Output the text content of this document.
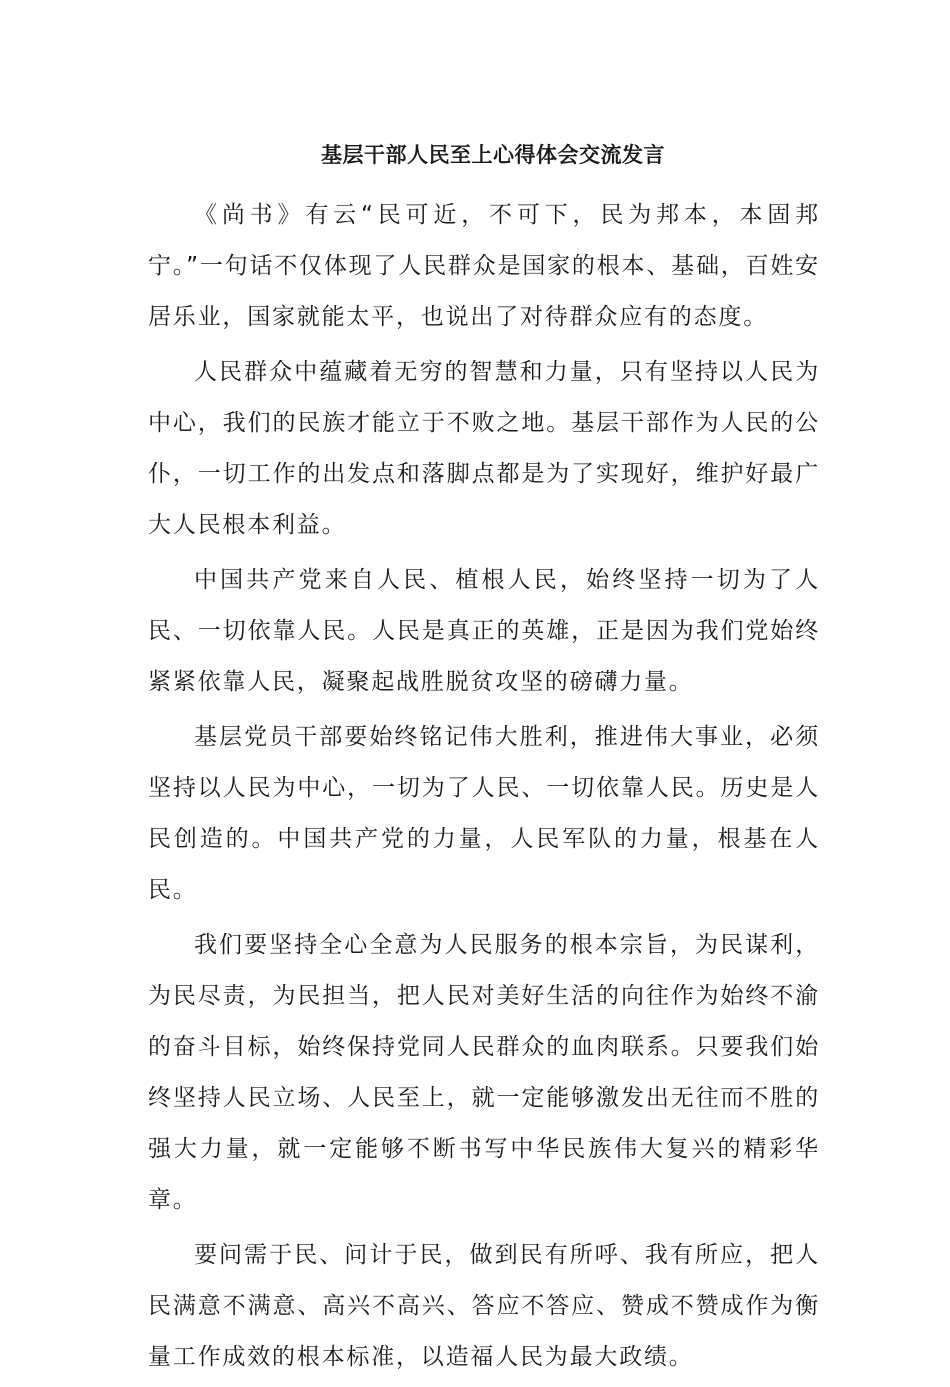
基层干部人民至上心得体会交流发言

《尚书》有云“民可近，不可下，民为邦本，本固邦宁。”一句话不仅体现了人民群众是国家的根本、基础，百姓安居乐业，国家就能太平，也说出了对待群众应有的态度。

人民群众中蕴藏着无穷的智慧和力量，只有坚持以人民为中心，我们的民族才能立于不败之地。基层干部作为人民的公仆，一切工作的出发点和落脚点都是为了实现好，维护好最广大人民根本利益。

中国共产党来自人民、植根人民，始终坚持一切为了人民、一切依靠人民。人民是真正的英雄，正是因为我们党始终紧紧依靠人民，凝聚起战胜脱贫攻坚的磅礴力量。

基层党员干部要始终铭记伟大胜利，推进伟大事业，必须坚持以人民为中心，一切为了人民、一切依靠人民。历史是人民创造的。中国共产党的力量，人民军队的力量，根基在人民。

我们要坚持全心全意为人民服务的根本宗旨，为民谋利，为民尽责，为民担当，把人民对美好生活的向往作为始终不渝的奋斗目标，始终保持党同人民群众的血肉联系。只要我们始终坚持人民立场、人民至上，就一定能够激发出无往而不胜的强大力量，就一定能够不断书写中华民族伟大复兴的精彩华章。

要问需于民、问计于民，做到民有所呼、我有所应，把人民满意不满意、高兴不高兴、答应不答应、赞成不赞成作为衡量工作成效的根本标准，以造福人民为最大政绩。
